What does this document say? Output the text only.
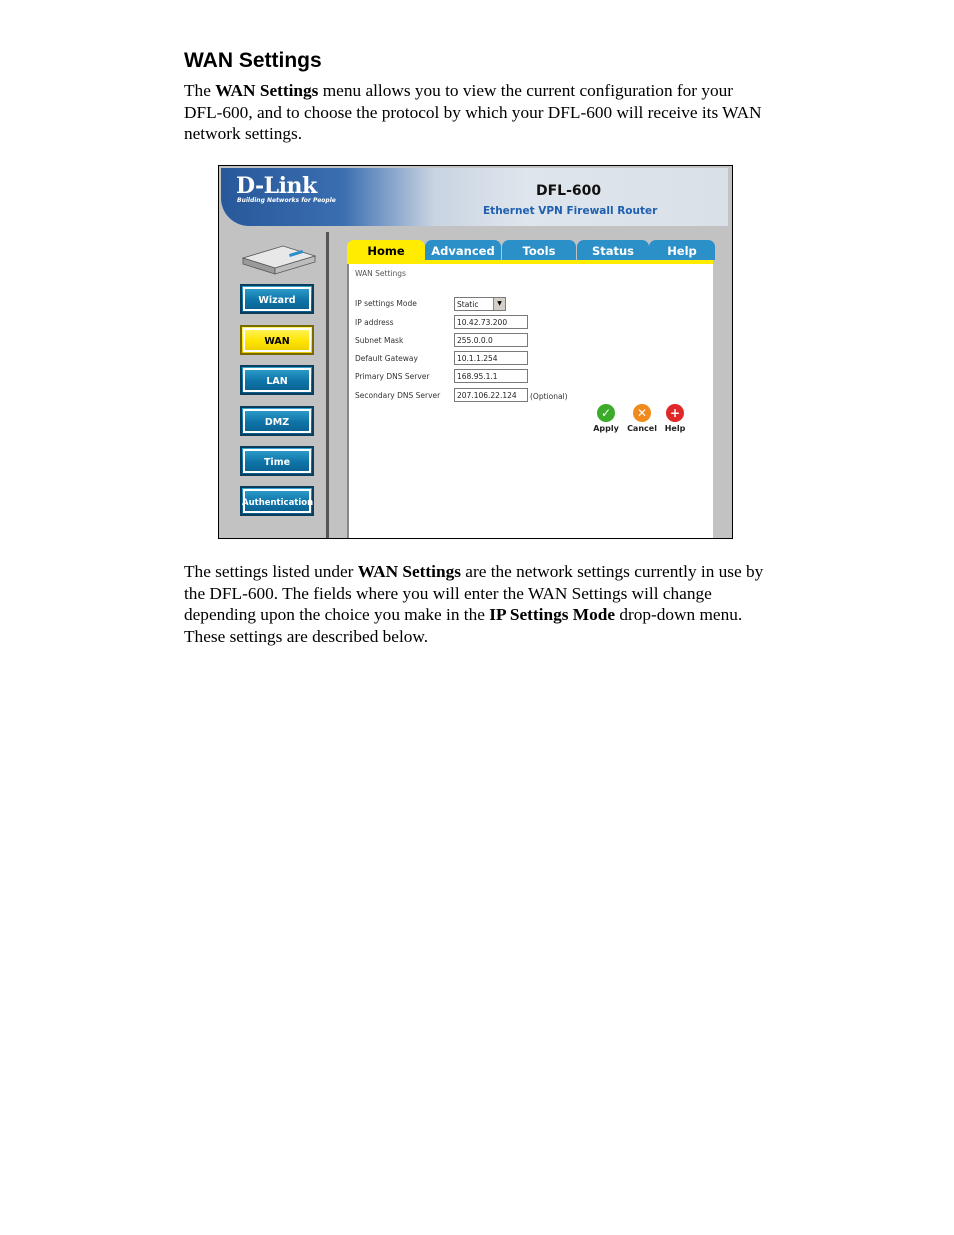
WAN Settings

The WAN Settings menu allows you to view the current configuration for your DFL-600, and to choose the protocol by which your DFL-600 will receive its WAN network settings.

D-Link
Building Networks for People
DFL-600
Ethernet VPN Firewall Router
Wizard
WAN
LAN
DMZ
Time
Authentication
Home	Advanced	Tools	Status	Help
WAN Settings
IP settings Mode	Static	▼
IP address	10.42.73.200
Subnet Mask	255.0.0.0
Default Gateway	10.1.1.254
Primary DNS Server	168.95.1.1
Secondary DNS Server	207.106.22.124	(Optional)
✓
Apply
✕
Cancel
+
Help

The settings listed under WAN Settings are the network settings currently in use by the DFL-600. The fields where you will enter the WAN Settings will change depending upon the choice you make in the IP Settings Mode drop-down menu. These settings are described below.
